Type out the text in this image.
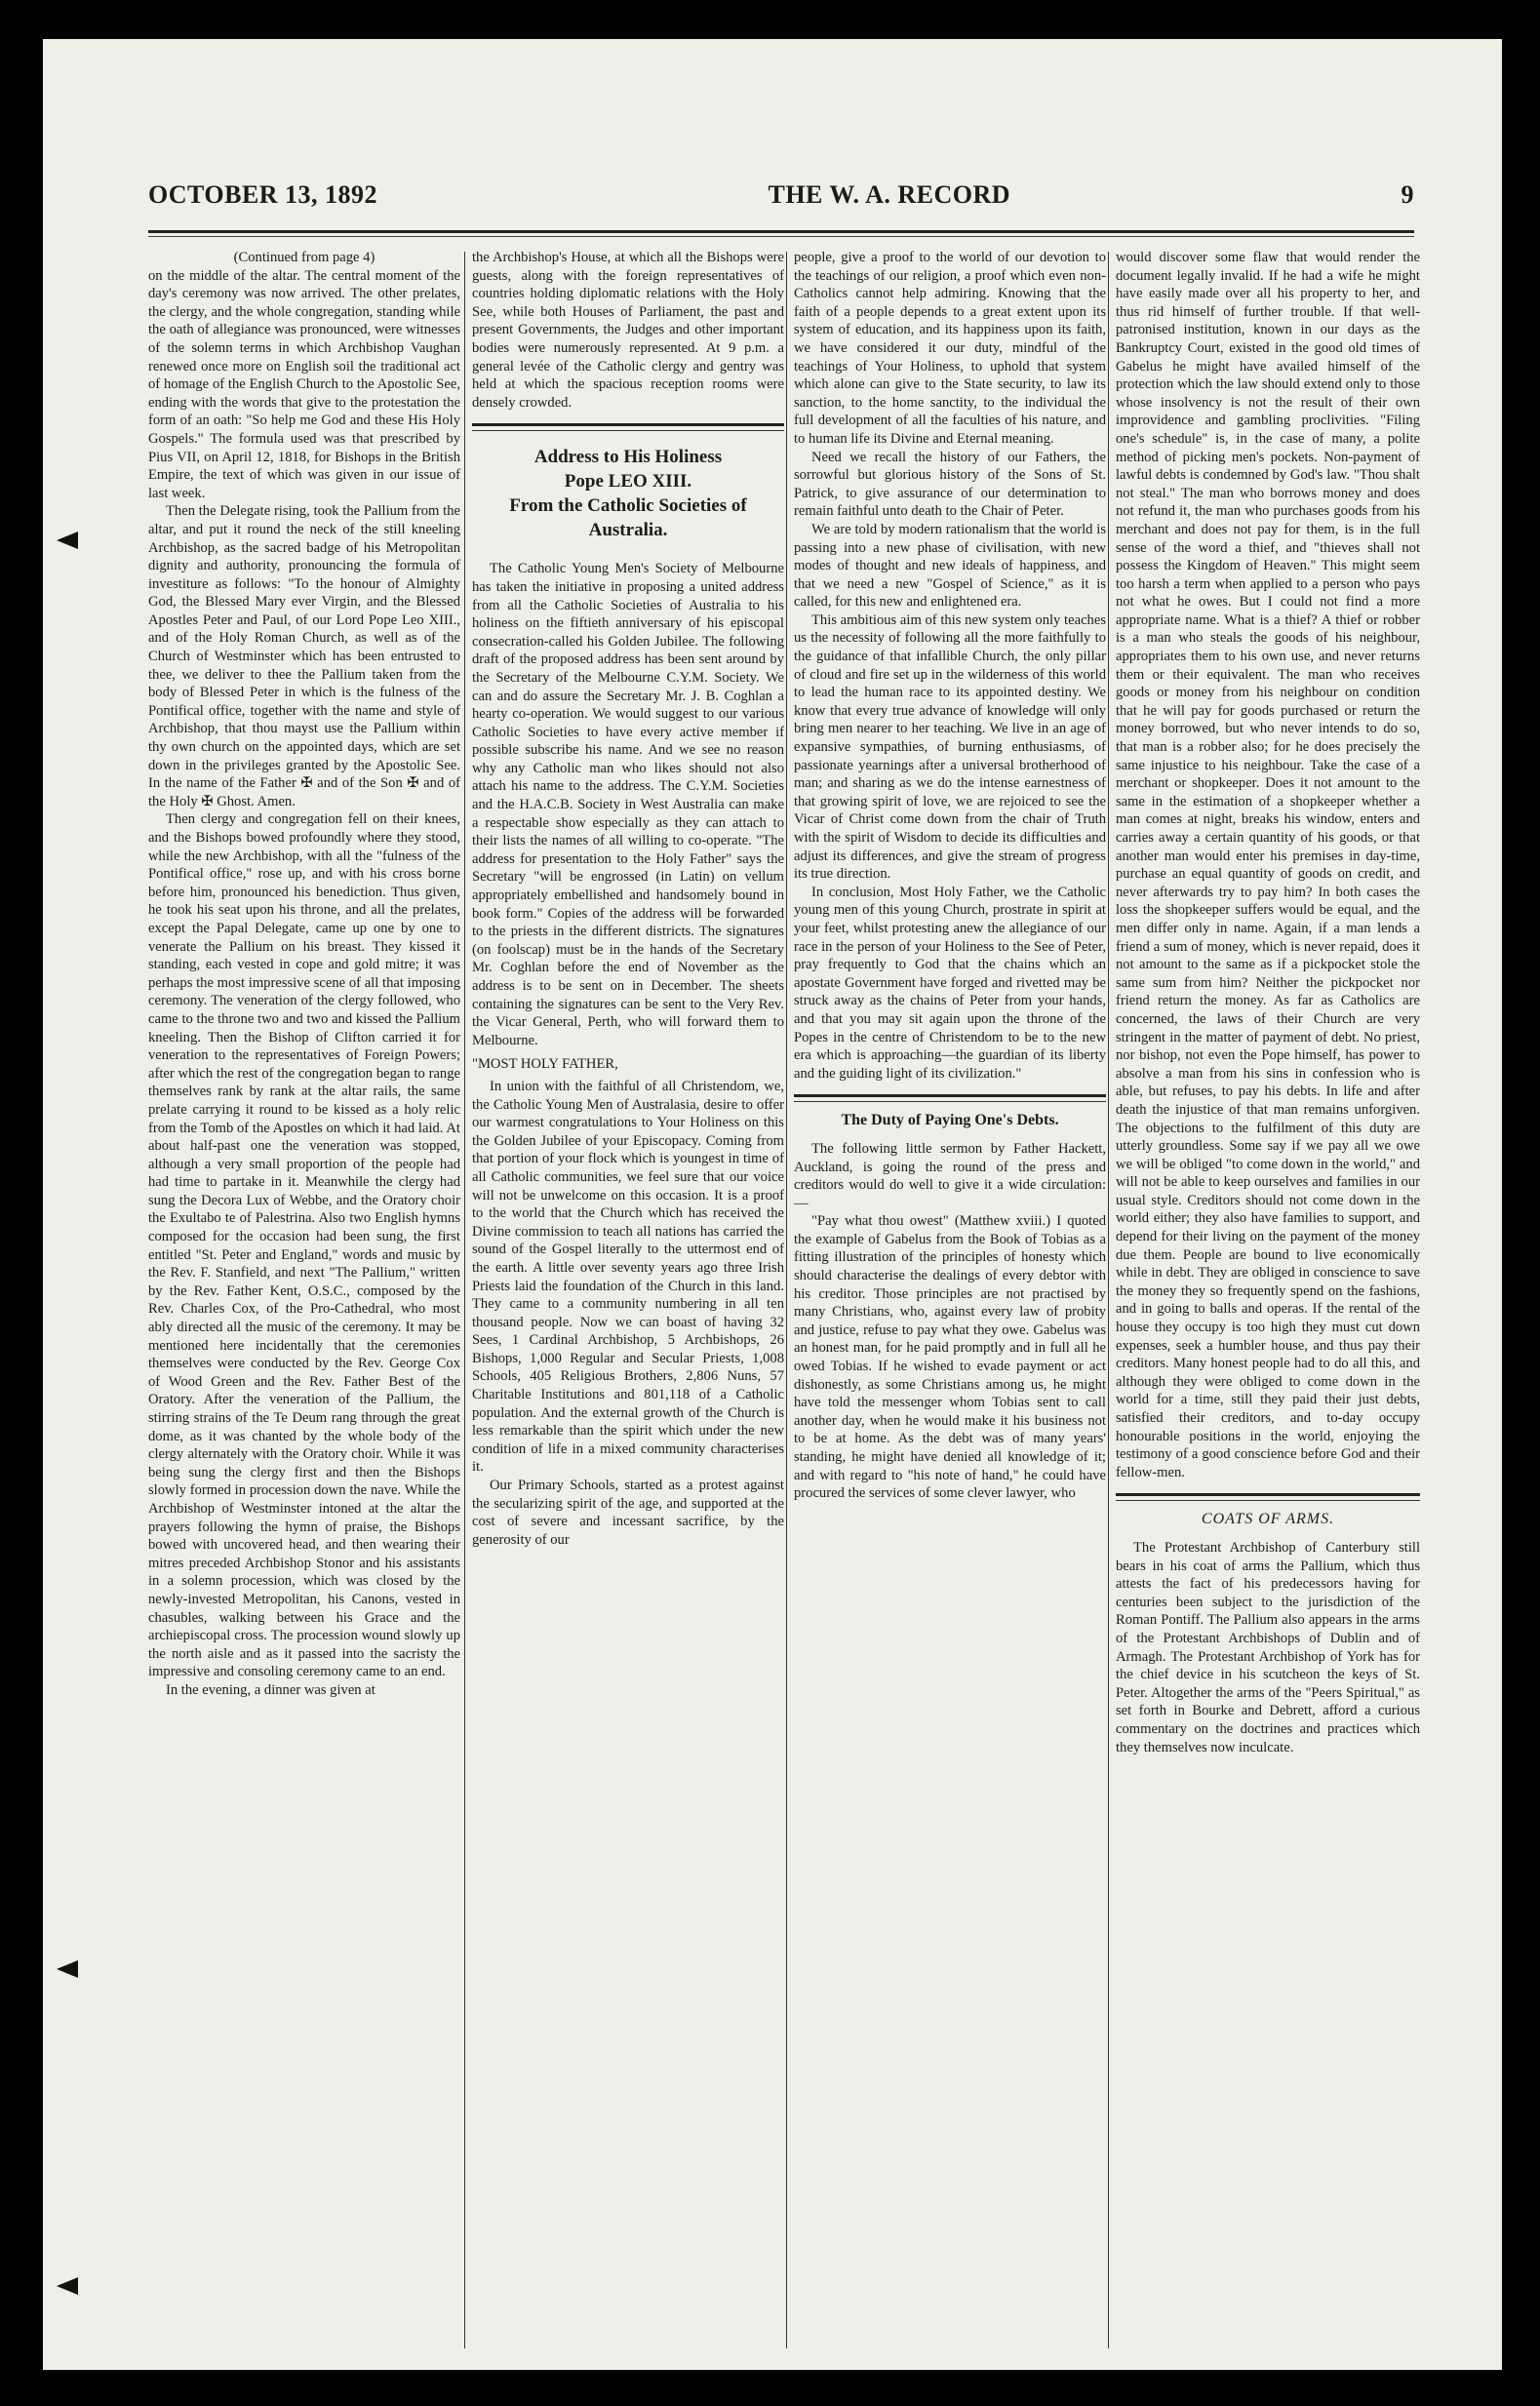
OCTOBER 13, 1892	THE W. A. RECORD	9

(Continued from page 4)

on the middle of the altar. The central moment of the day's ceremony was now arrived. The other prelates, the clergy, and the whole congregation, standing while the oath of allegiance was pronounced, were witnesses of the solemn terms in which Archbishop Vaughan renewed once more on English soil the traditional act of homage of the English Church to the Apostolic See, ending with the words that give to the protestation the form of an oath: "So help me God and these His Holy Gospels." The formula used was that prescribed by Pius VII, on April 12, 1818, for Bishops in the British Empire, the text of which was given in our issue of last week.

Then the Delegate rising, took the Pallium from the altar, and put it round the neck of the still kneeling Archbishop, as the sacred badge of his Metropolitan dignity and authority, pronouncing the formula of investiture as follows: "To the honour of Almighty God, the Blessed Mary ever Virgin, and the Blessed Apostles Peter and Paul, of our Lord Pope Leo XIII., and of the Holy Roman Church, as well as of the Church of Westminster which has been entrusted to thee, we deliver to thee the Pallium taken from the body of Blessed Peter in which is the fulness of the Pontifical office, together with the name and style of Archbishop, that thou mayst use the Pallium within thy own church on the appointed days, which are set down in the privileges granted by the Apostolic See. In the name of the Father ✠ and of the Son ✠ and of the Holy ✠ Ghost. Amen.

Then clergy and congregation fell on their knees, and the Bishops bowed profoundly where they stood, while the new Archbishop, with all the "fulness of the Pontifical office," rose up, and with his cross borne before him, pronounced his benediction. Thus given, he took his seat upon his throne, and all the prelates, except the Papal Delegate, came up one by one to venerate the Pallium on his breast. They kissed it standing, each vested in cope and gold mitre; it was perhaps the most impressive scene of all that imposing ceremony. The veneration of the clergy followed, who came to the throne two and two and kissed the Pallium kneeling. Then the Bishop of Clifton carried it for veneration to the representatives of Foreign Powers; after which the rest of the congregation began to range themselves rank by rank at the altar rails, the same prelate carrying it round to be kissed as a holy relic from the Tomb of the Apostles on which it had laid. At about half-past one the veneration was stopped, although a very small proportion of the people had had time to partake in it. Meanwhile the clergy had sung the Decora Lux of Webbe, and the Oratory choir the Exultabo te of Palestrina. Also two English hymns composed for the occasion had been sung, the first entitled "St. Peter and England," words and music by the Rev. F. Stanfield, and next "The Pallium," written by the Rev. Father Kent, O.S.C., composed by the Rev. Charles Cox, of the Pro-Cathedral, who most ably directed all the music of the ceremony. It may be mentioned here incidentally that the ceremonies themselves were conducted by the Rev. George Cox of Wood Green and the Rev. Father Best of the Oratory. After the veneration of the Pallium, the stirring strains of the Te Deum rang through the great dome, as it was chanted by the whole body of the clergy alternately with the Oratory choir. While it was being sung the clergy first and then the Bishops slowly formed in procession down the nave. While the Archbishop of Westminster intoned at the altar the prayers following the hymn of praise, the Bishops bowed with uncovered head, and then wearing their mitres preceded Archbishop Stonor and his assistants in a solemn procession, which was closed by the newly-invested Metropolitan, his Canons, vested in chasubles, walking between his Grace and the archiepiscopal cross. The procession wound slowly up the north aisle and as it passed into the sacristy the impressive and consoling ceremony came to an end.

In the evening, a dinner was given at

the Archbishop's House, at which all the Bishops were guests, along with the foreign representatives of countries holding diplomatic relations with the Holy See, while both Houses of Parliament, the past and present Governments, the Judges and other important bodies were numerously represented. At 9 p.m. a general levée of the Catholic clergy and gentry was held at which the spacious reception rooms were densely crowded.

Address to His Holiness
Pope LEO XIII.
From the Catholic Societies of
Australia.

The Catholic Young Men's Society of Melbourne has taken the initiative in proposing a united address from all the Catholic Societies of Australia to his holiness on the fiftieth anniversary of his episcopal consecration-called his Golden Jubilee. The following draft of the proposed address has been sent around by the Secretary of the Melbourne C.Y.M. Society. We can and do assure the Secretary Mr. J. B. Coghlan a hearty co-operation. We would suggest to our various Catholic Societies to have every active member if possible subscribe his name. And we see no reason why any Catholic man who likes should not also attach his name to the address. The C.Y.M. Societies and the H.A.C.B. Society in West Australia can make a respectable show especially as they can attach to their lists the names of all willing to co-operate. "The address for presentation to the Holy Father" says the Secretary "will be engrossed (in Latin) on vellum appropriately embellished and handsomely bound in book form." Copies of the address will be forwarded to the priests in the different districts. The signatures (on foolscap) must be in the hands of the Secretary Mr. Coghlan before the end of November as the address is to be sent on in December. The sheets containing the signatures can be sent to the Very Rev. the Vicar General, Perth, who will forward them to Melbourne.

"MOST HOLY FATHER,

In union with the faithful of all Christendom, we, the Catholic Young Men of Australasia, desire to offer our warmest congratulations to Your Holiness on this the Golden Jubilee of your Episcopacy. Coming from that portion of your flock which is youngest in time of all Catholic communities, we feel sure that our voice will not be unwelcome on this occasion. It is a proof to the world that the Church which has received the Divine commission to teach all nations has carried the sound of the Gospel literally to the uttermost end of the earth. A little over seventy years ago three Irish Priests laid the foundation of the Church in this land. They came to a community numbering in all ten thousand people. Now we can boast of having 32 Sees, 1 Cardinal Archbishop, 5 Archbishops, 26 Bishops, 1,000 Regular and Secular Priests, 1,008 Schools, 405 Religious Brothers, 2,806 Nuns, 57 Charitable Institutions and 801,118 of a Catholic population. And the external growth of the Church is less remarkable than the spirit which under the new condition of life in a mixed community characterises it.

Our Primary Schools, started as a protest against the secularizing spirit of the age, and supported at the cost of severe and incessant sacrifice, by the generosity of our

people, give a proof to the world of our devotion to the teachings of our religion, a proof which even non-Catholics cannot help admiring. Knowing that the faith of a people depends to a great extent upon its system of education, and its happiness upon its faith, we have considered it our duty, mindful of the teachings of Your Holiness, to uphold that system which alone can give to the State security, to law its sanction, to the home sanctity, to the individual the full development of all the faculties of his nature, and to human life its Divine and Eternal meaning.

Need we recall the history of our Fathers, the sorrowful but glorious history of the Sons of St. Patrick, to give assurance of our determination to remain faithful unto death to the Chair of Peter.

We are told by modern rationalism that the world is passing into a new phase of civilisation, with new modes of thought and new ideals of happiness, and that we need a new "Gospel of Science," as it is called, for this new and enlightened era.

This ambitious aim of this new system only teaches us the necessity of following all the more faithfully to the guidance of that infallible Church, the only pillar of cloud and fire set up in the wilderness of this world to lead the human race to its appointed destiny. We know that every true advance of knowledge will only bring men nearer to her teaching. We live in an age of expansive sympathies, of burning enthusiasms, of passionate yearnings after a universal brotherhood of man; and sharing as we do the intense earnestness of that growing spirit of love, we are rejoiced to see the Vicar of Christ come down from the chair of Truth with the spirit of Wisdom to decide its difficulties and adjust its differences, and give the stream of progress its true direction.

In conclusion, Most Holy Father, we the Catholic young men of this young Church, prostrate in spirit at your feet, whilst protesting anew the allegiance of our race in the person of your Holiness to the See of Peter, pray frequently to God that the chains which an apostate Government have forged and rivetted may be struck away as the chains of Peter from your hands, and that you may sit again upon the throne of the Popes in the centre of Christendom to be to the new era which is approaching—the guardian of its liberty and the guiding light of its civilization."

The Duty of Paying One's Debts.

The following little sermon by Father Hackett, Auckland, is going the round of the press and creditors would do well to give it a wide circulation:—

"Pay what thou owest" (Matthew xviii.) I quoted the example of Gabelus from the Book of Tobias as a fitting illustration of the principles of honesty which should characterise the dealings of every debtor with his creditor. Those principles are not practised by many Christians, who, against every law of probity and justice, refuse to pay what they owe. Gabelus was an honest man, for he paid promptly and in full all he owed Tobias. If he wished to evade payment or act dishonestly, as some Christians among us, he might have told the messenger whom Tobias sent to call another day, when he would make it his business not to be at home. As the debt was of many years' standing, he might have denied all knowledge of it; and with regard to "his note of hand," he could have procured the services of some clever lawyer, who

would discover some flaw that would render the document legally invalid. If he had a wife he might have easily made over all his property to her, and thus rid himself of further trouble. If that well-patronised institution, known in our days as the Bankruptcy Court, existed in the good old times of Gabelus he might have availed himself of the protection which the law should extend only to those whose insolvency is not the result of their own improvidence and gambling proclivities. "Filing one's schedule" is, in the case of many, a polite method of picking men's pockets. Non-payment of lawful debts is condemned by God's law. "Thou shalt not steal." The man who borrows money and does not refund it, the man who purchases goods from his merchant and does not pay for them, is in the full sense of the word a thief, and "thieves shall not possess the Kingdom of Heaven." This might seem too harsh a term when applied to a person who pays not what he owes. But I could not find a more appropriate name. What is a thief? A thief or robber is a man who steals the goods of his neighbour, appropriates them to his own use, and never returns them or their equivalent. The man who receives goods or money from his neighbour on condition that he will pay for goods purchased or return the money borrowed, but who never intends to do so, that man is a robber also; for he does precisely the same injustice to his neighbour. Take the case of a merchant or shopkeeper. Does it not amount to the same in the estimation of a shopkeeper whether a man comes at night, breaks his window, enters and carries away a certain quantity of his goods, or that another man would enter his premises in day-time, purchase an equal quantity of goods on credit, and never afterwards try to pay him? In both cases the loss the shopkeeper suffers would be equal, and the men differ only in name. Again, if a man lends a friend a sum of money, which is never repaid, does it not amount to the same as if a pickpocket stole the same sum from him? Neither the pickpocket nor friend return the money. As far as Catholics are concerned, the laws of their Church are very stringent in the matter of payment of debt. No priest, nor bishop, not even the Pope himself, has power to absolve a man from his sins in confession who is able, but refuses, to pay his debts. In life and after death the injustice of that man remains unforgiven. The objections to the fulfilment of this duty are utterly groundless. Some say if we pay all we owe we will be obliged "to come down in the world," and will not be able to keep ourselves and families in our usual style. Creditors should not come down in the world either; they also have families to support, and depend for their living on the payment of the money due them. People are bound to live economically while in debt. They are obliged in conscience to save the money they so frequently spend on the fashions, and in going to balls and operas. If the rental of the house they occupy is too high they must cut down expenses, seek a humbler house, and thus pay their creditors. Many honest people had to do all this, and although they were obliged to come down in the world for a time, still they paid their just debts, satisfied their creditors, and to-day occupy honourable positions in the world, enjoying the testimony of a good conscience before God and their fellow-men.

COATS OF ARMS.

The Protestant Archbishop of Canterbury still bears in his coat of arms the Pallium, which thus attests the fact of his predecessors having for centuries been subject to the jurisdiction of the Roman Pontiff. The Pallium also appears in the arms of the Protestant Archbishops of Dublin and of Armagh. The Protestant Archbishop of York has for the chief device in his scutcheon the keys of St. Peter. Altogether the arms of the "Peers Spiritual," as set forth in Bourke and Debrett, afford a curious commentary on the doctrines and practices which they themselves now inculcate.
